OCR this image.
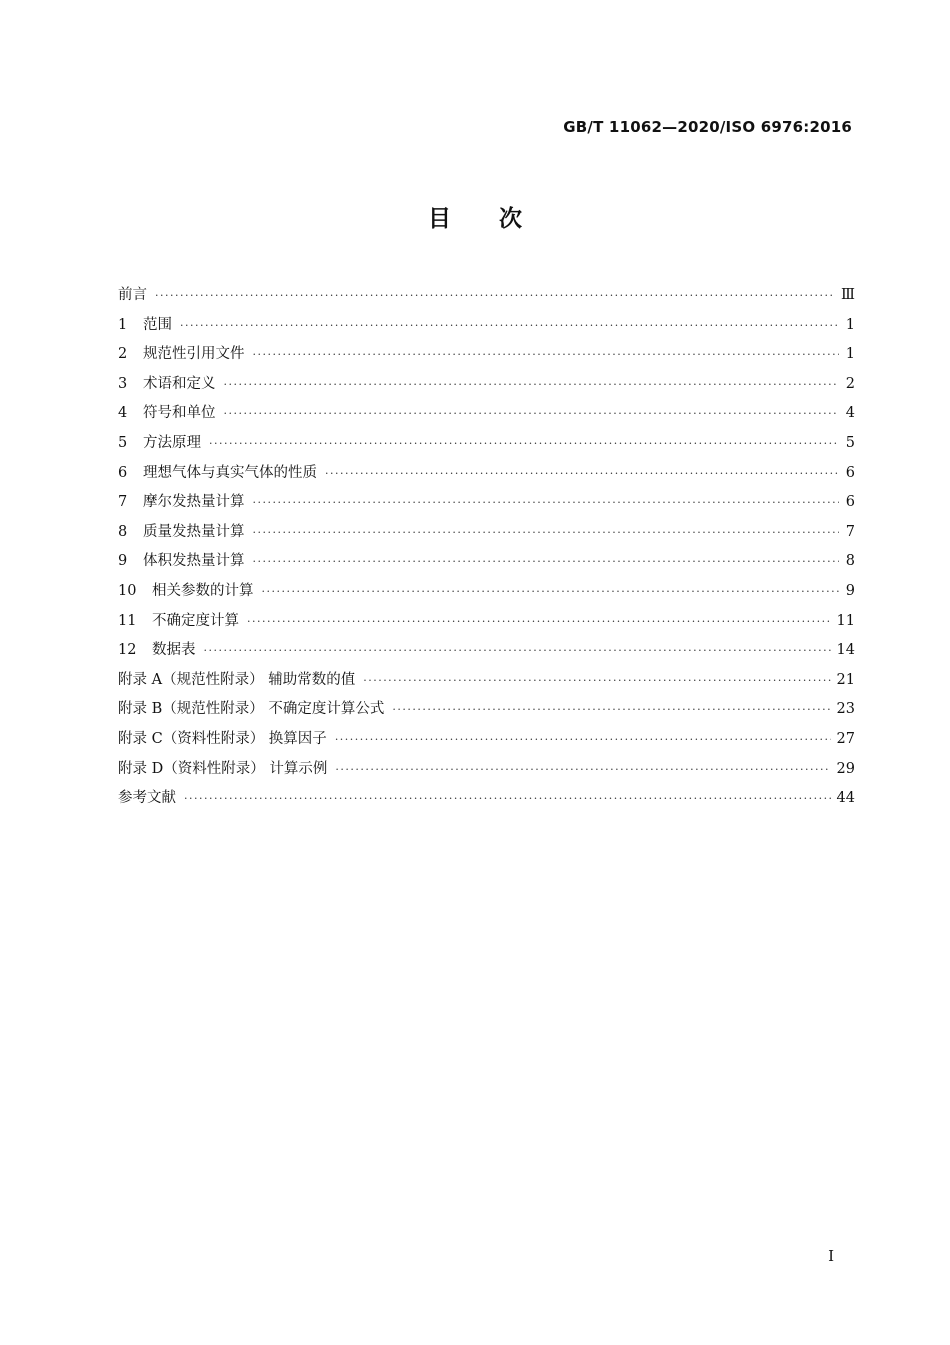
GB/T 11062—2020/ISO 6976:2016
目次
前言 ·····	Ⅲ
1	范围 ·····	1
2	规范性引用文件 ·····	1
3	术语和定义 ·····	2
4	符号和单位 ·····	4
5	方法原理 ·····	5
6	理想气体与真实气体的性质 ·····	6
7	摩尔发热量计算 ·····	6
8	质量发热量计算 ·····	7
9	体积发热量计算 ·····	8
10	相关参数的计算 ·····	9
11	不确定度计算 ·····	11
12	数据表 ·····	14
附录 A（规范性附录） 辅助常数的值 ·····	21
附录 B（规范性附录） 不确定度计算公式 ·····	23
附录 C（资料性附录） 换算因子 ·····	27
附录 D（资料性附录） 计算示例 ·····	29
参考文献 ·····	44
I
